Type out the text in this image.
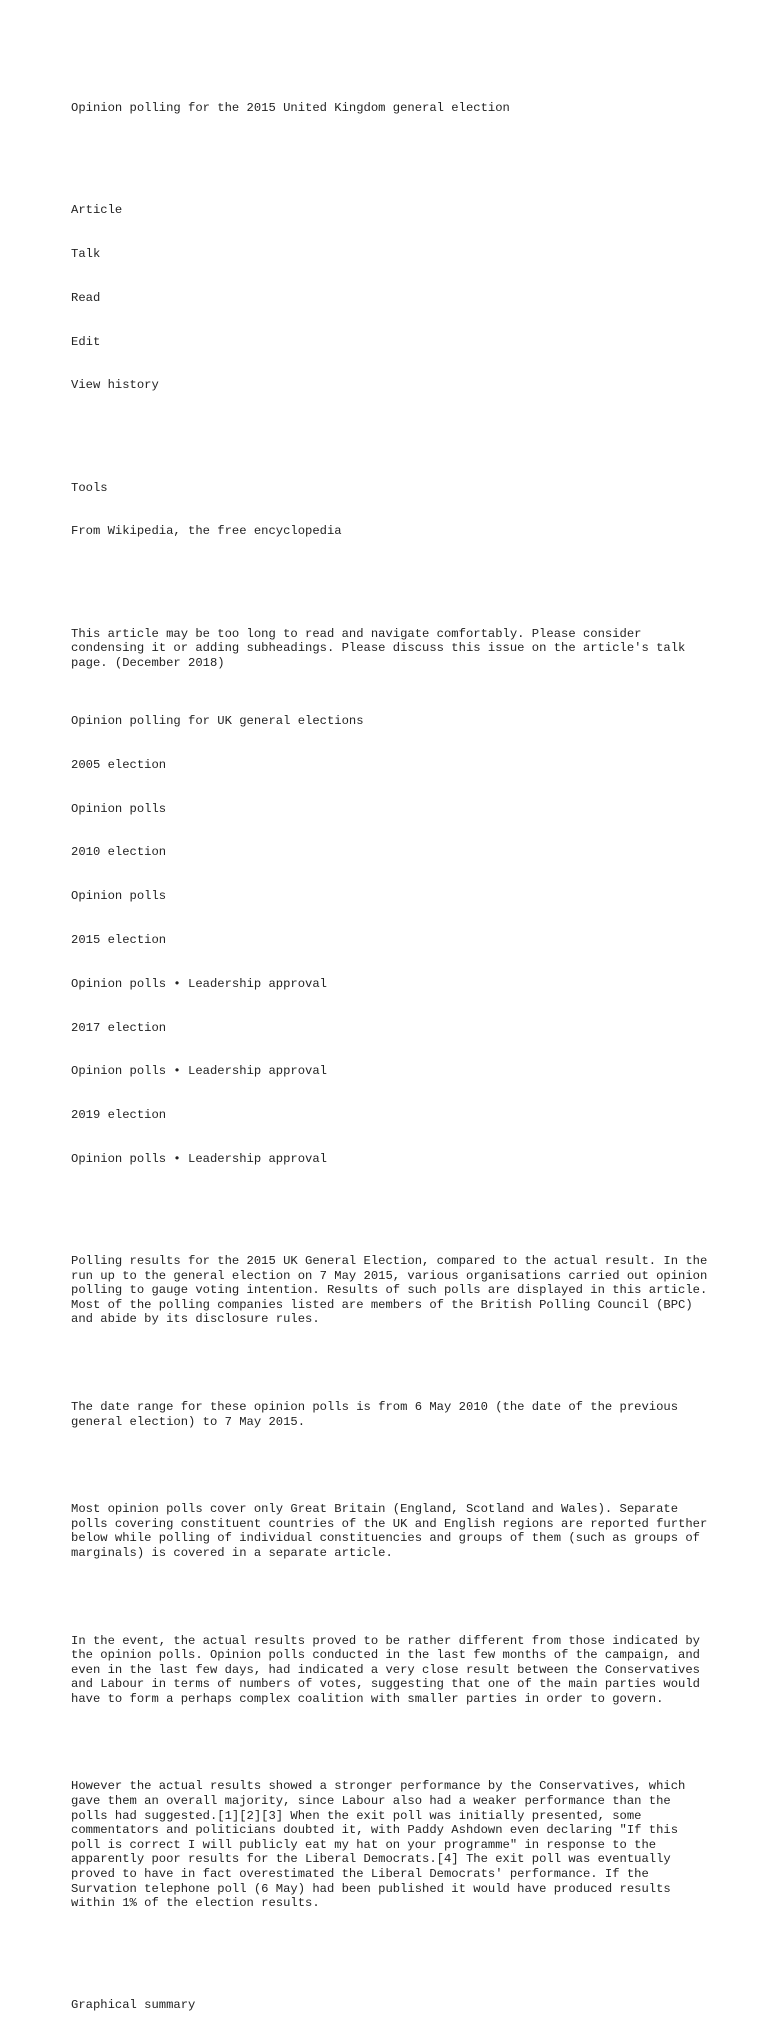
Opinion polling for the 2015 United Kingdom general election

Article

Talk

Read

Edit

View history

Tools

From Wikipedia, the free encyclopedia

This article may be too long to read and navigate comfortably. Please consider condensing it or adding subheadings. Please discuss this issue on the article's talk page. (December 2018)

Opinion polling for UK general elections

2005 election

Opinion polls

2010 election

Opinion polls

2015 election

Opinion polls • Leadership approval

2017 election

Opinion polls • Leadership approval

2019 election

Opinion polls • Leadership approval

Polling results for the 2015 UK General Election, compared to the actual result. In the run up to the general election on 7 May 2015, various organisations carried out opinion polling to gauge voting intention. Results of such polls are displayed in this article. Most of the polling companies listed are members of the British Polling Council (BPC) and abide by its disclosure rules.

The date range for these opinion polls is from 6 May 2010 (the date of the previous general election) to 7 May 2015.

Most opinion polls cover only Great Britain (England, Scotland and Wales). Separate polls covering constituent countries of the UK and English regions are reported further below while polling of individual constituencies and groups of them (such as groups of marginals) is covered in a separate article.

In the event, the actual results proved to be rather different from those indicated by the opinion polls. Opinion polls conducted in the last few months of the campaign, and even in the last few days, had indicated a very close result between the Conservatives and Labour in terms of numbers of votes, suggesting that one of the main parties would have to form a perhaps complex coalition with smaller parties in order to govern.

However the actual results showed a stronger performance by the Conservatives, which gave them an overall majority, since Labour also had a weaker performance than the polls had suggested.[1][2][3] When the exit poll was initially presented, some commentators and politicians doubted it, with Paddy Ashdown even declaring "If this poll is correct I will publicly eat my hat on your programme" in response to the apparently poor results for the Liberal Democrats.[4] The exit poll was eventually proved to have in fact overestimated the Liberal Democrats' performance. If the Survation telephone poll (6 May) had been published it would have produced results within 1% of the election results.

Graphical summary
